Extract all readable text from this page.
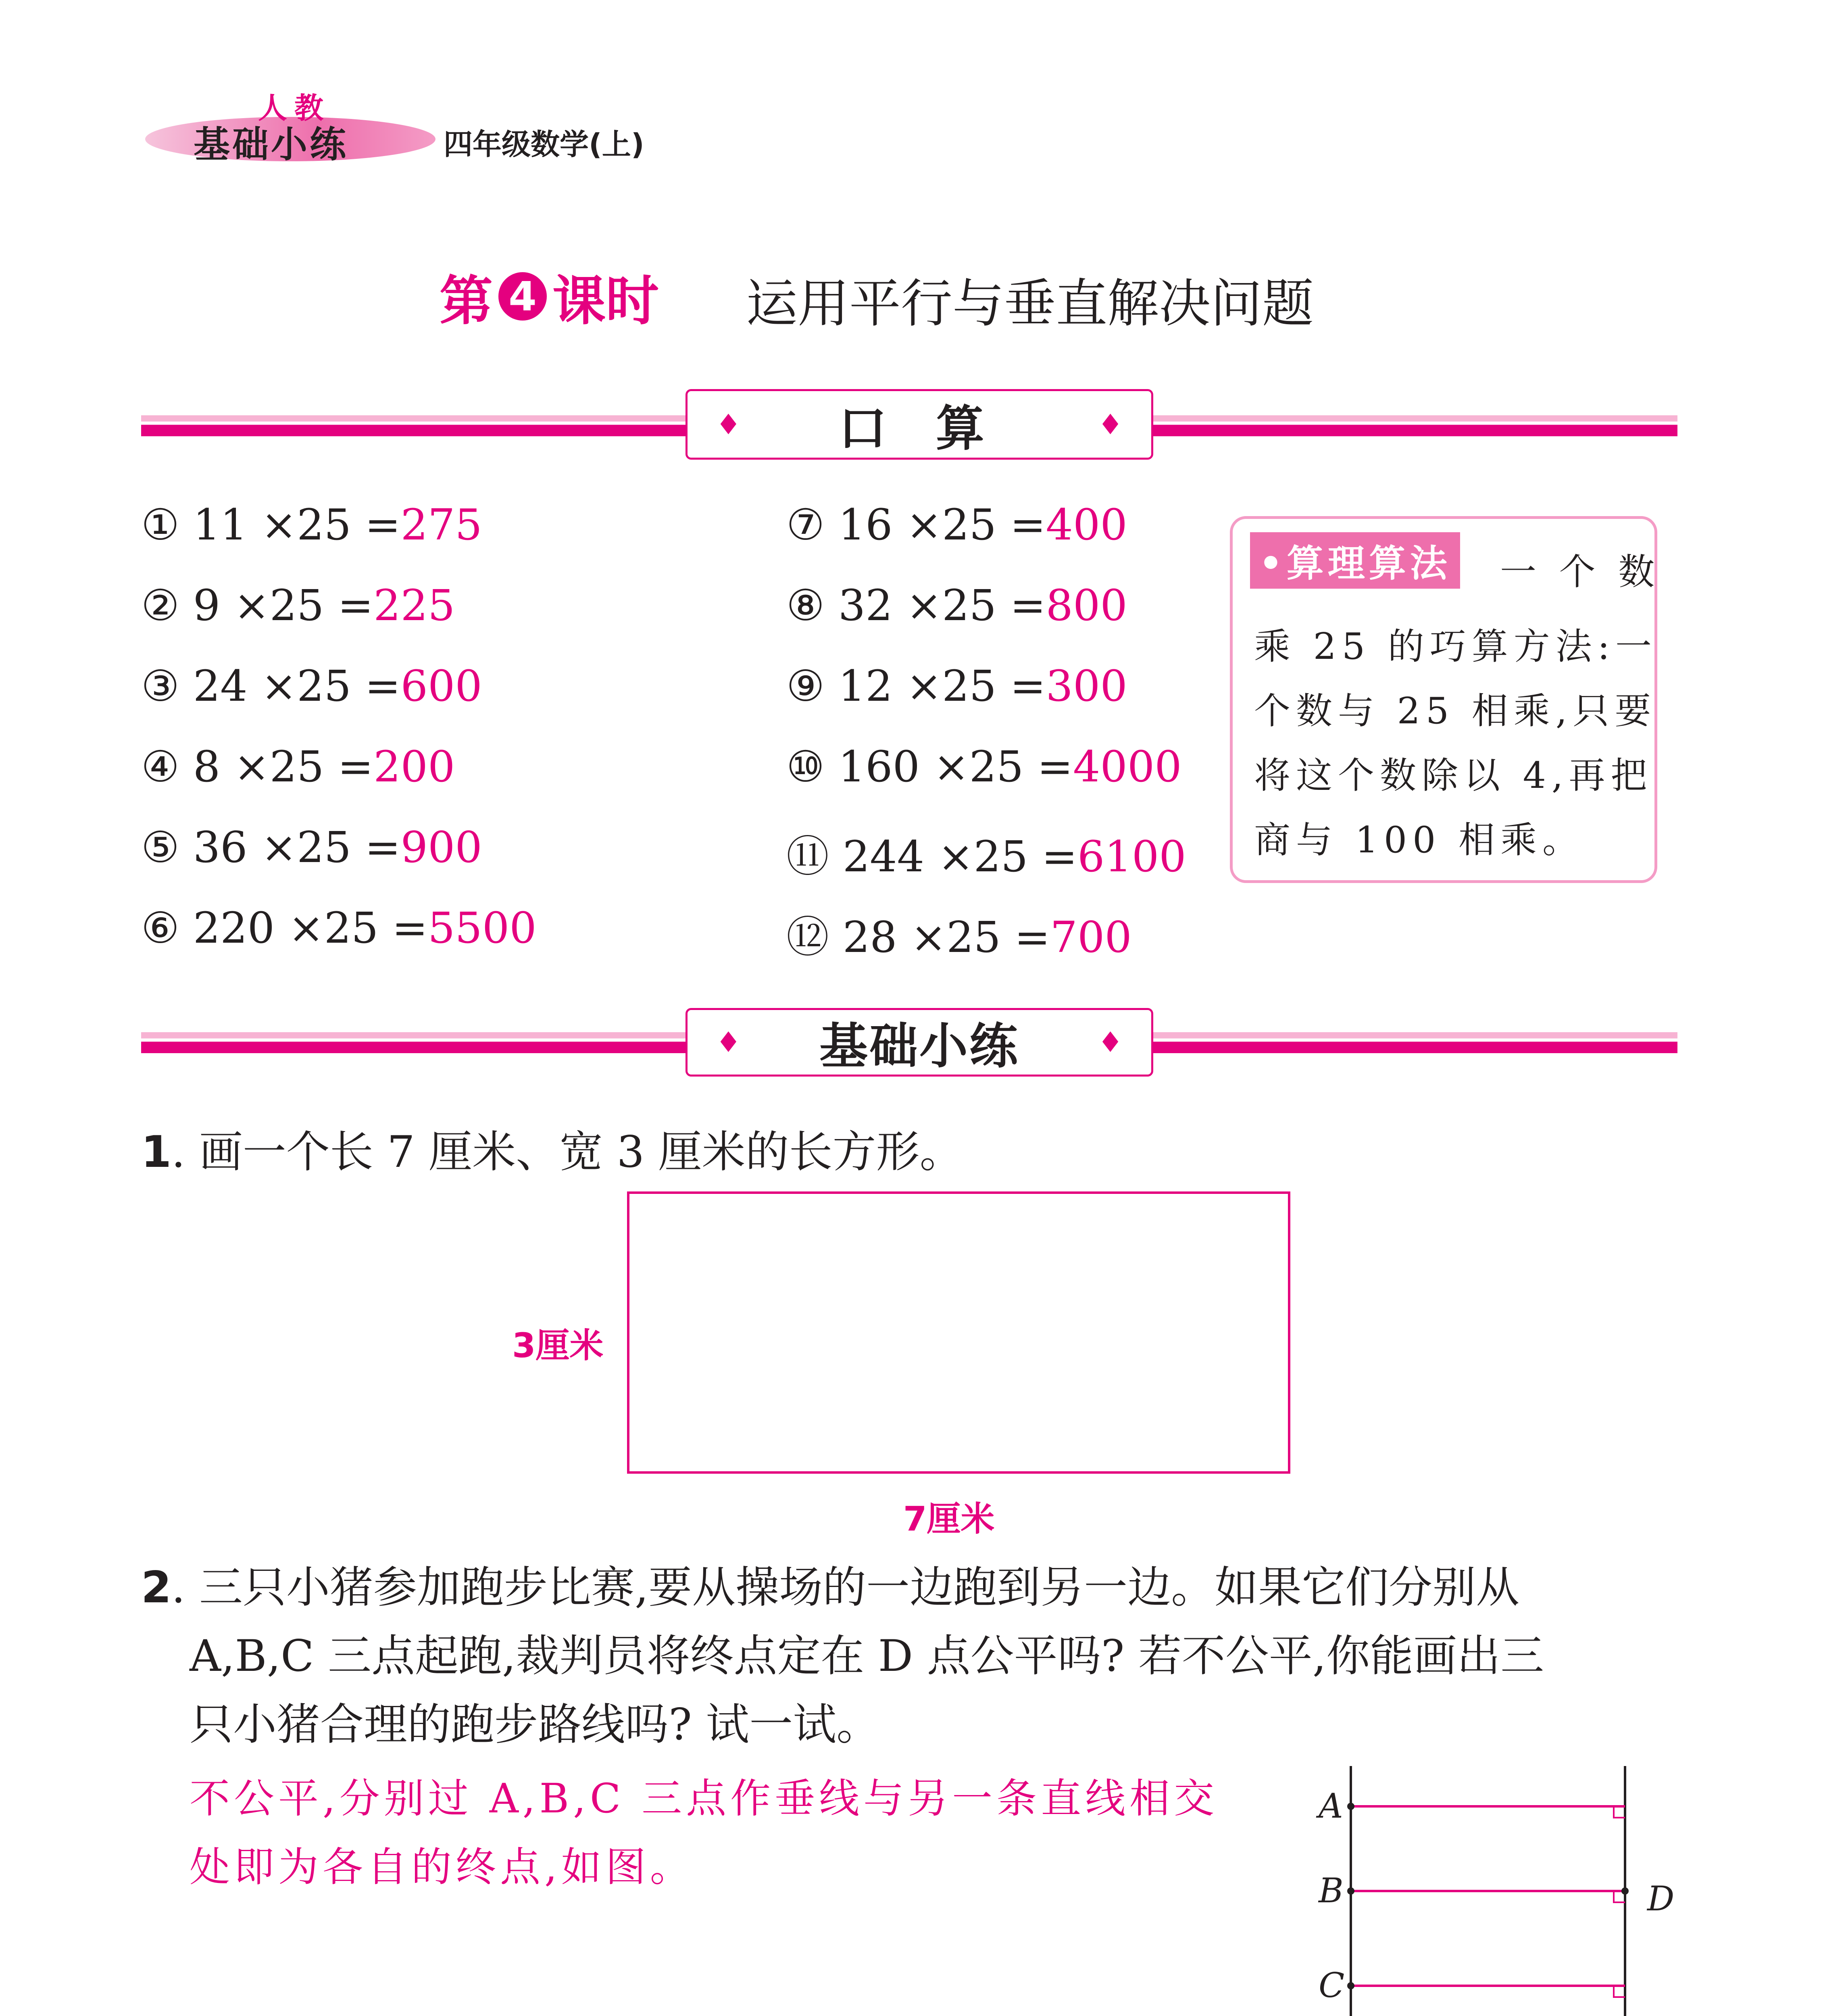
人教
基础小练	四年级数学(上)
第 4 课时 运用平行与垂直解决问题
♦ 口 算	♦
① 11 ×25 =275
② 9 ×25 =225
③ 24 ×25 =600
④ 8 ×25 =200
⑤ 36 ×25 =900
⑥ 220 ×25 =5500
⑦ 16 ×25 =400
⑧ 32 ×25 =800
⑨ 12 ×25 =300
⑩ 160 ×25 =4000
⑪ 244 ×25 =6100
⑫ 28 ×25 =700
•算理算法 一 个 数
乘 25 的巧算方法:一
个数与 25 相乘,只要
将这个数除以 4,再把
商与 100 相乘。
♦ 基础小练	♦
1. 画一个长 7 厘米、宽 3 厘米的长方形。
3厘米
7厘米
2. 三只小猪参加跑步比赛,要从操场的一边跑到另一边。如果它们分别从
A,B,C 三点起跑,裁判员将终点定在 D 点公平吗? 若不公平,你能画出三
只小猪合理的跑步路线吗? 试一试。
不公平,分别过 A,B,C 三点作垂线与另一条直线相交
处即为各自的终点,如图。
A
B
C
D
